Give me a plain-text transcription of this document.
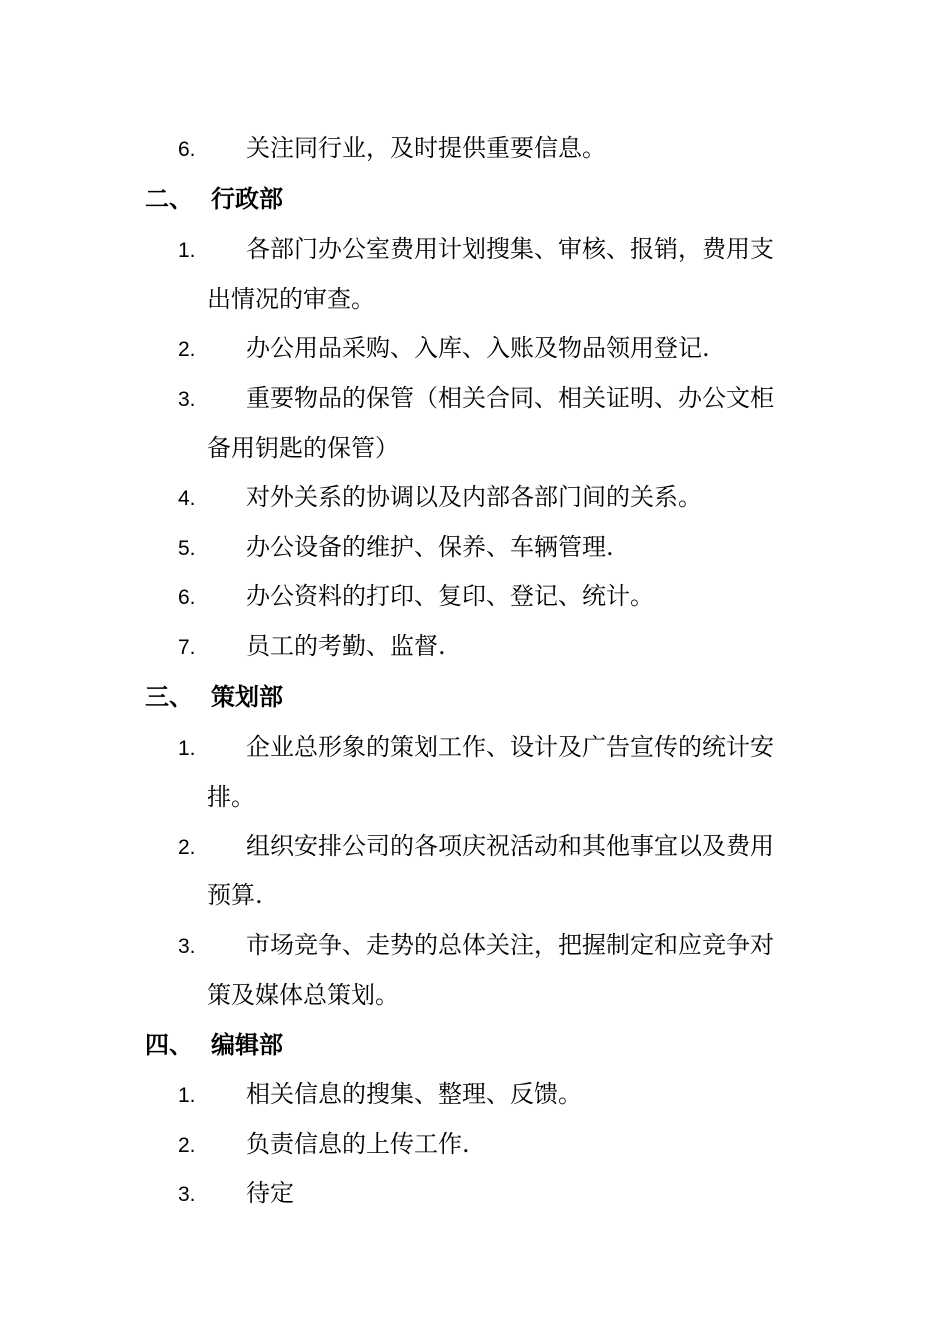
6. 关注同行业，及时提供重要信息。
二、 行政部
1. 各部门办公室费用计划搜集、审核、报销，费用支
出情况的审查。
2. 办公用品采购、入库、入账及物品领用登记.
3. 重要物品的保管（相关合同、相关证明、办公文柜
备用钥匙的保管）
4. 对外关系的协调以及内部各部门间的关系。
5. 办公设备的维护、保养、车辆管理.
6. 办公资料的打印、复印、登记、统计。
7. 员工的考勤、监督.
三、 策划部
1. 企业总形象的策划工作、设计及广告宣传的统计安
排。
2. 组织安排公司的各项庆祝活动和其他事宜以及费用
预算.
3. 市场竞争、走势的总体关注，把握制定和应竞争对
策及媒体总策划。
四、 编辑部
1. 相关信息的搜集、整理、反馈。
2. 负责信息的上传工作.
3. 待定
